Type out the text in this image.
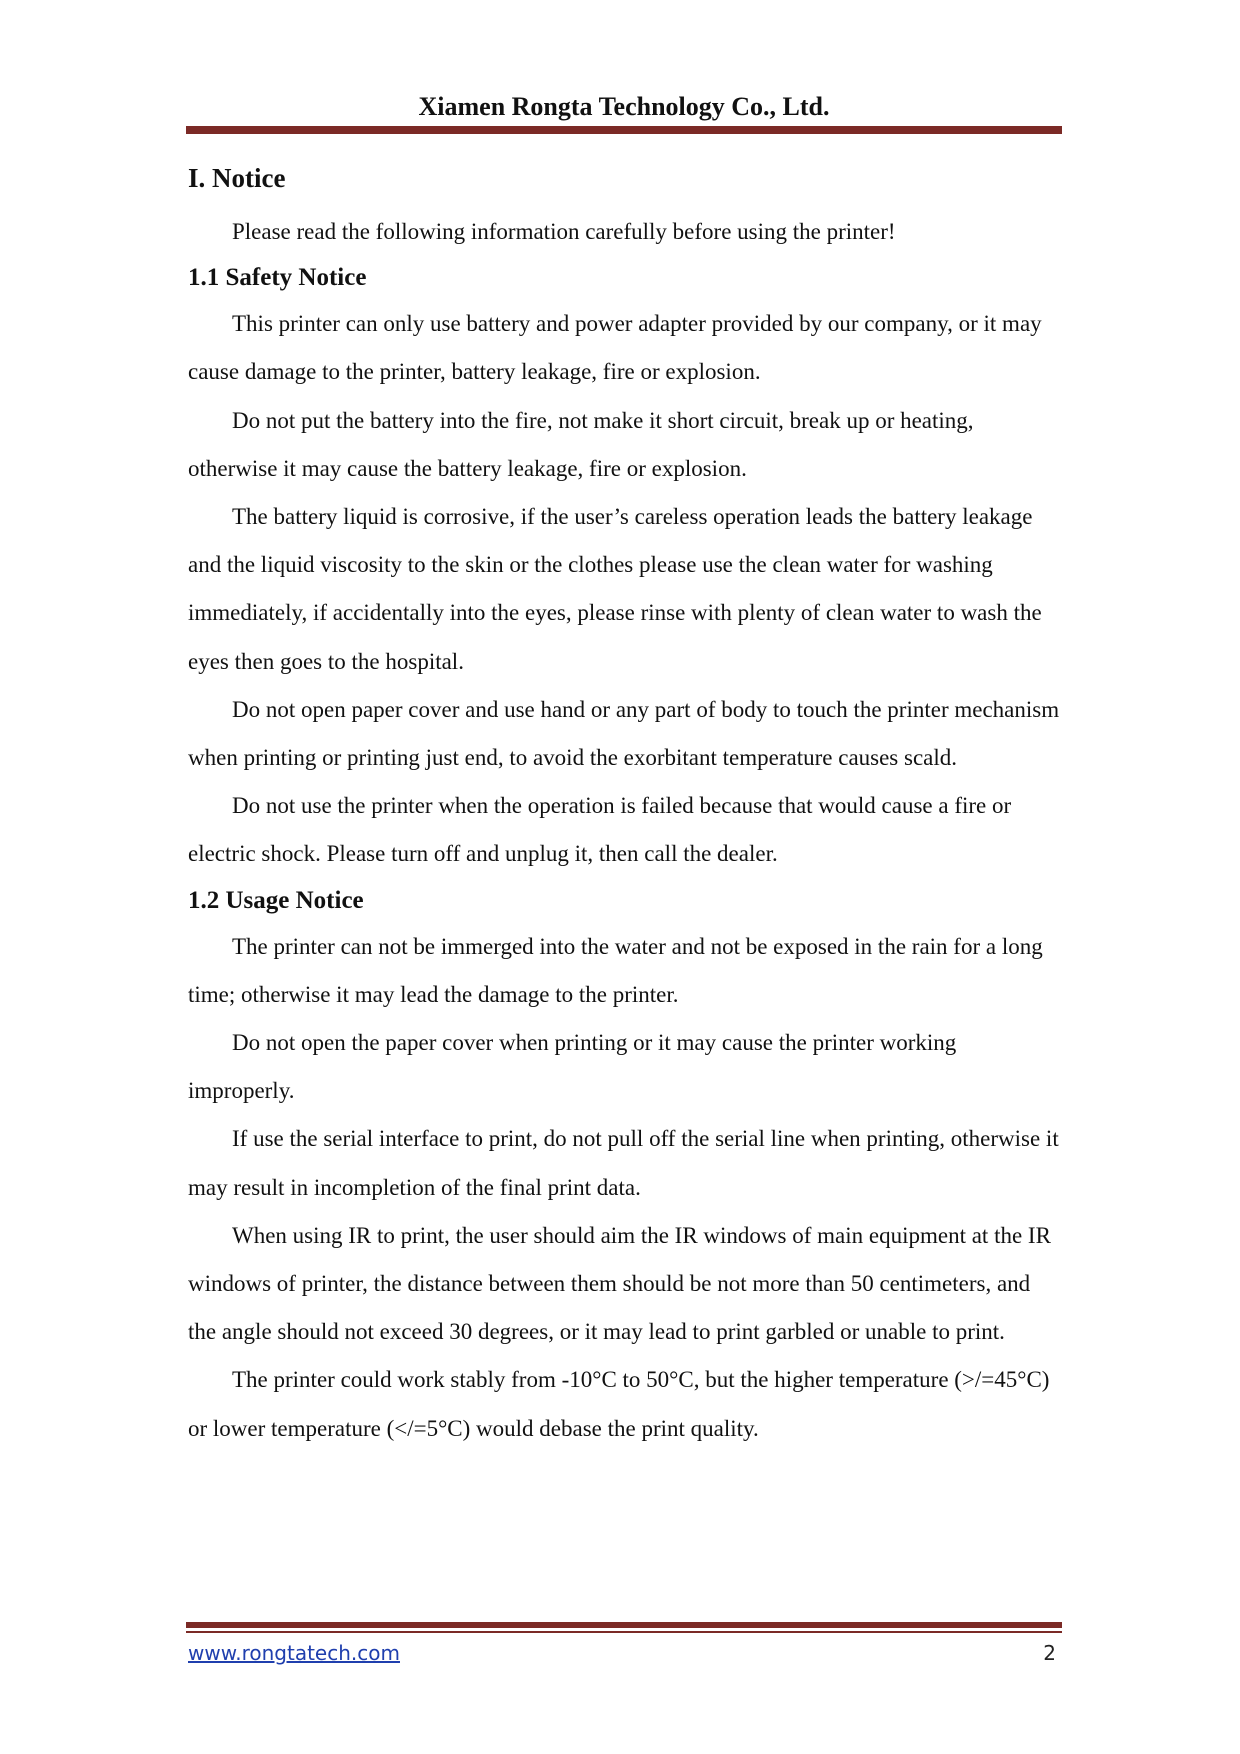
Xiamen Rongta Technology Co., Ltd.
I. Notice

Please read the following information carefully before using the printer!

1.1 Safety Notice

This printer can only use battery and power adapter provided by our company, or it may cause damage to the printer, battery leakage, fire or explosion.

Do not put the battery into the fire, not make it short circuit, break up or heating, otherwise it may cause the battery leakage, fire or explosion.

The battery liquid is corrosive, if the user’s careless operation leads the battery leakage and the liquid viscosity to the skin or the clothes please use the clean water for washing immediately, if accidentally into the eyes, please rinse with plenty of clean water to wash the eyes then goes to the hospital.

Do not open paper cover and use hand or any part of body to touch the printer mechanism when printing or printing just end, to avoid the exorbitant temperature causes scald.

Do not use the printer when the operation is failed because that would cause a fire or electric shock. Please turn off and unplug it, then call the dealer.

1.2 Usage Notice

The printer can not be immerged into the water and not be exposed in the rain for a long time; otherwise it may lead the damage to the printer.

Do not open the paper cover when printing or it may cause the printer working improperly.

If use the serial interface to print, do not pull off the serial line when printing, otherwise it may result in incompletion of the final print data.

When using IR to print, the user should aim the IR windows of main equipment at the IR windows of printer, the distance between them should be not more than 50 centimeters, and the angle should not exceed 30 degrees, or it may lead to print garbled or unable to print.

The printer could work stably from -10°C to 50°C, but the higher temperature (>/=45°C) or lower temperature (</=5°C) would debase the print quality.

www.rongtatech.com	2
